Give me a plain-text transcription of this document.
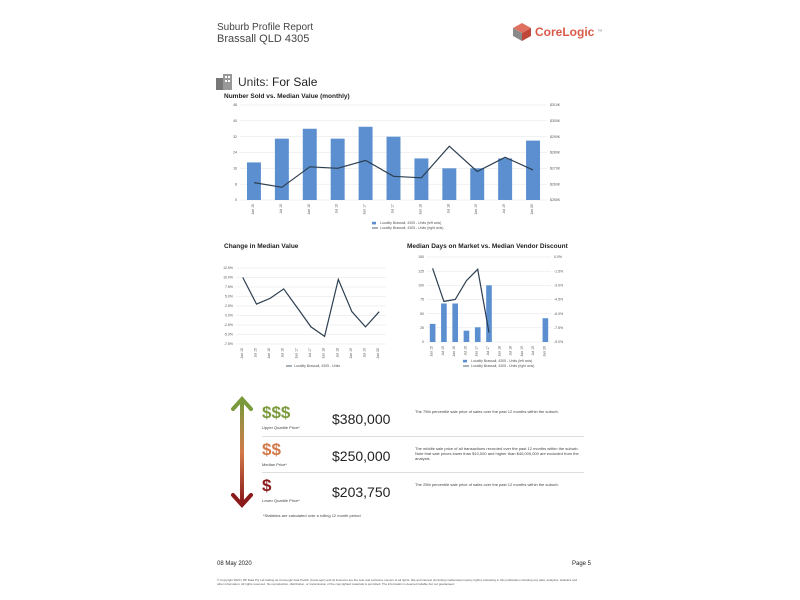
Suburb Profile Report
Brassall QLD 4305	CoreLogic ™
Units: For Sale
Number Sold vs. Median Value (monthly)
0
8
16
24
32
40
48
$250K
$260K
$270K
$280K
$290K
$300K
$310K
Jan 15	Jul 15	Jan 16	Jul 16	Jan 17	Jul 17	Jan 18	Jul 18	Jan 19	Jul 19	Jan 20
Locality Brassall, 4305 - Units (left axis)
Locality Brassall, 4305 - Units (right axis)
Change in Median Value
12.5%
10.0%
7.5%
5.0%
2.5%
0.0%
-2.5%
-5.0%
-7.5%
Jan 15	Jul 15	Jan 16	Jul 16	Jan 17	Jul 17	Jan 18	Jul 18	Jan 19	Jul 19	Jan 20
Locality Brassall, 4305 - Units
Median Days on Market vs. Median Vendor Discount
0
25
50
75
100
125
150
-9.0%
-7.5%
-6.0%
-4.5%
-3.0%
-1.5%
0.0%
Jan 15 Jul 15 Jan 16 Jul 16 Jan 17 Jul 17 Jan 18 Jul 18 Jan 19 Jul 19 Jan 20
Locality Brassall, 4305 - Units (left axis)
Locality Brassall, 4305 - Units (right axis)
$$$
Upper Quartile Price*
$380,000	The 75th percentile sale price of sales over the past 12 months within the suburb.
$$
Median Price*
$250,000	The middle sale price of all transactions recorded over the past 12 months within the suburb. Note that sale prices lower than $10,000 and higher than $40,000,000 are excluded from the analysis.
$
Lower Quartile Price*
$203,750	The 25th percentile sale price of sales over the past 12 months within the suburb.
*Statistics are calculated over a rolling 12 month period
08 May 2020	Page 5
© Copyright 2020 | RP Data Pty Ltd trading as CoreLogic Asia Pacific (CoreLogic) and its licensors are the sole and exclusive owners of all rights, title and interest (including intellectual property rights) subsisting in this publication including any data, analytics, statistics and other information. All rights reserved. No reproduction, distribution, or transmission of the copyrighted materials is permitted. The information is deemed reliable but not guaranteed.
